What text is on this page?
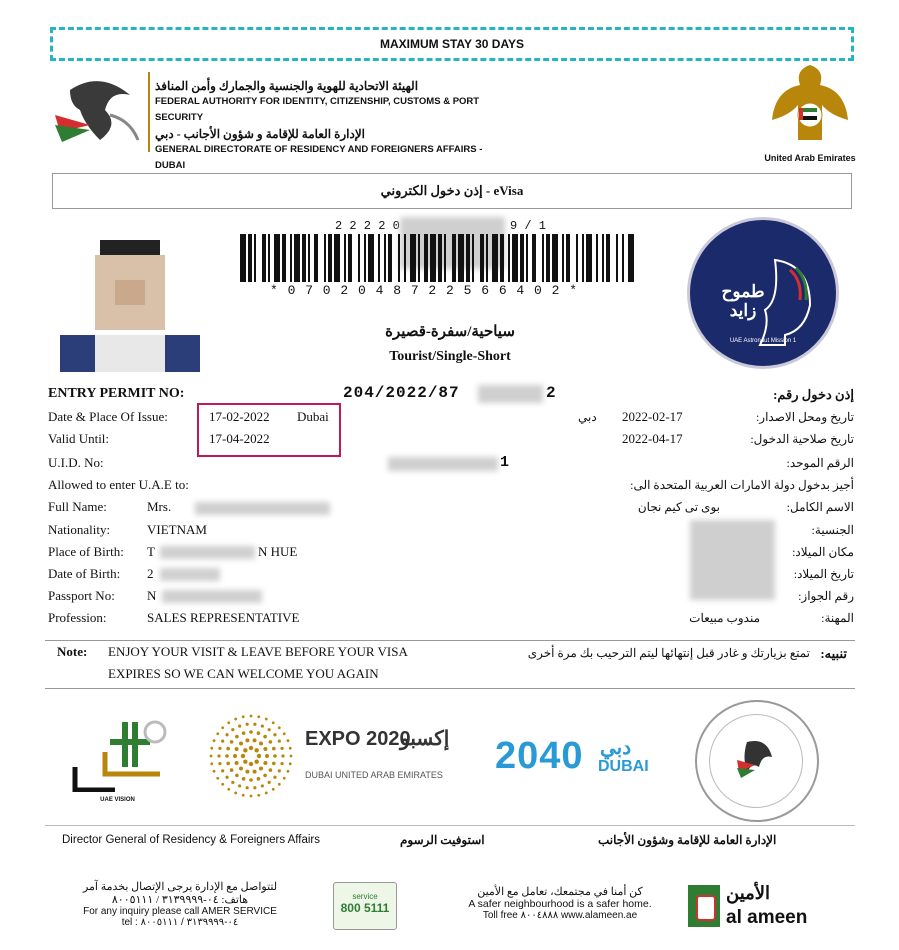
MAXIMUM STAY 30 DAYS
الهيئة الاتحادية للهوية والجنسية والجمارك وأمن المنافذ
FEDERAL AUTHORITY FOR IDENTITY, CITIZENSHIP, CUSTOMS & PORT SECURITY
الإدارة العامة للإقامة و شؤون الأجانب - دبي
GENERAL DIRECTORATE OF RESIDENCY AND FOREIGNERS AFFAIRS - DUBAI
United Arab Emirates
إذن دخول الكتروني - eVisa
2 2 2 2 0	9 / 1
* 0 7 0 2 0 4 8 7 2 2 5 6 6 4 0 2 *
سياحية/سفرة-قصيرة
Tourist/Single-Short
طموح زايد
UAE Astronaut Mission 1
ENTRY PERMIT NO:	204/2022/87	2	إذن دخول رقم:
Date & Place Of Issue:	17-02-2022 Dubai	دبي 2022-02-17	تاريخ ومحل الاصدار:
Valid Until:	17-04-2022	2022-04-17	تاريخ صلاحية الدخول:
U.I.D. No:	1	الرقم الموحد:
Allowed to enter U.A.E to:	أجيز بدخول دولة الامارات العربية المتحدة الى:
Full Name:	Mrs.	بوى تى كيم نجان	الاسم الكامل:
Nationality:	VIETNAM	الجنسية:
Place of Birth: T	N HUE	مكان الميلاد:
Date of Birth: 2	تاريخ الميلاد:
Passport No: N	رقم الجواز:
Profession:	SALES REPRESENTATIVE	مندوب مبيعات	المهنة:
Note: ENJOY YOUR VISIT & LEAVE BEFORE YOUR VISA
EXPIRES SO WE CAN WELCOME YOU AGAIN
تمتع بزيارتك و غادر قبل إنتهائها ليتم الترحيب بك مرة أخرى تنبيه:
UAE VISION
EXPO 2020
إكسبو
DUBAI UNITED ARAB EMIRATES 2040 دبي
DUBAI
Director General of Residency & Foreigners Affairs	استوفيت الرسوم	الإدارة العامة للإقامة وشؤون الأجانب
لتتواصل مع الإدارة يرجى الإتصال بخدمة آمر
هاتف: ٠٤-٣١٣٩٩٩٩ / ٨٠٠٥١١١
For any inquiry please call AMER SERVICE
tel : ٠٤-٣١٣٩٩٩٩ / ٨٠٠٥١١١
service
800 5111
كن أمنا في مجتمعك، تعامل مع الأمين
A safer neighbourhood is a safer home.
Toll free ٨٠٠٤٨٨٨ www.alameen.ae
الأمين
al ameen
